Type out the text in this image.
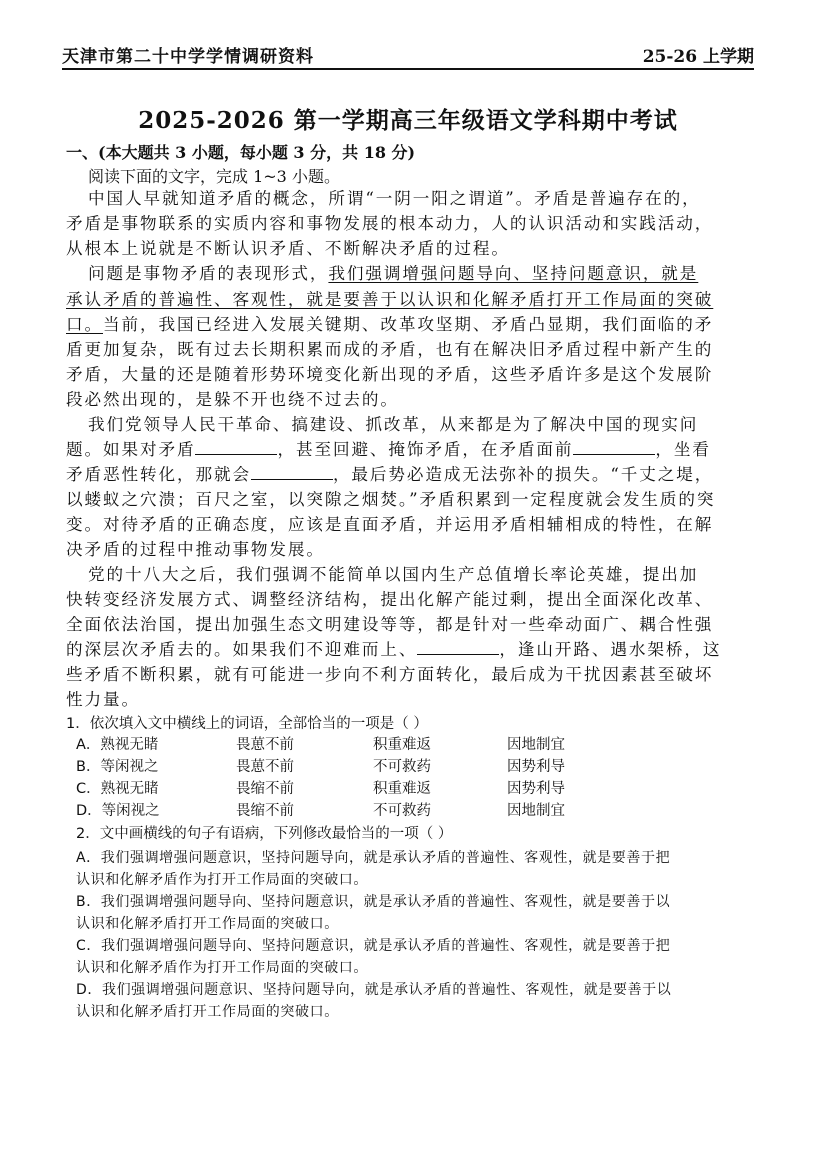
天津市第二十中学学情调研资料	25-26 上学期
2025-2026 第一学期高三年级语文学科期中考试
一、(本大题共 3 小题，每小题 3 分，共 18 分)
阅读下面的文字，完成 1~3 小题。
中国人早就知道矛盾的概念，所谓“一阴一阳之谓道”。矛盾是普遍存在的，
矛盾是事物联系的实质内容和事物发展的根本动力，人的认识活动和实践活动，
从根本上说就是不断认识矛盾、不断解决矛盾的过程。
问题是事物矛盾的表现形式，我们强调增强问题导向、坚持问题意识，就是
承认矛盾的普遍性、客观性，就是要善于以认识和化解矛盾打开工作局面的突破
口。当前，我国已经进入发展关键期、改革攻坚期、矛盾凸显期，我们面临的矛
盾更加复杂，既有过去长期积累而成的矛盾，也有在解决旧矛盾过程中新产生的
矛盾，大量的还是随着形势环境变化新出现的矛盾，这些矛盾许多是这个发展阶
段必然出现的，是躲不开也绕不过去的。
我们党领导人民干革命、搞建设、抓改革，从来都是为了解决中国的现实问
题。如果对矛盾	，甚至回避、掩饰矛盾，在矛盾面前	，坐看
矛盾恶性转化，那就会	，最后势必造成无法弥补的损失。“千丈之堤，
以蝼蚁之穴溃；百尺之室，以突隙之烟焚。”矛盾积累到一定程度就会发生质的突
变。对待矛盾的正确态度，应该是直面矛盾，并运用矛盾相辅相成的特性，在解
决矛盾的过程中推动事物发展。
党的十八大之后，我们强调不能简单以国内生产总值增长率论英雄，提出加
快转变经济发展方式、调整经济结构，提出化解产能过剩，提出全面深化改革、
全面依法治国，提出加强生态文明建设等等，都是针对一些牵动面广、耦合性强
的深层次矛盾去的。如果我们不迎难而上、	，逢山开路、遇水架桥，这
些矛盾不断积累，就有可能进一步向不利方面转化，最后成为干扰因素甚至破坏
性力量。
1．依次填入文中横线上的词语，全部恰当的一项是（ ）
A．熟视无睹	畏葸不前	积重难返	因地制宜
B．等闲视之	畏葸不前	不可救药	因势利导
C．熟视无睹	畏缩不前	积重难返	因势利导
D．等闲视之	畏缩不前	不可救药	因地制宜
2．文中画横线的句子有语病，下列修改最恰当的一项（ ）
A．我们强调增强问题意识，坚持问题导向，就是承认矛盾的普遍性、客观性，就是要善于把
认识和化解矛盾作为打开工作局面的突破口。
B．我们强调增强问题导向、坚持问题意识，就是承认矛盾的普遍性、客观性，就是要善于以
认识和化解矛盾打开工作局面的突破口。
C．我们强调增强问题导向、坚持问题意识，就是承认矛盾的普遍性、客观性，就是要善于把
认识和化解矛盾作为打开工作局面的突破口。
D．我们强调增强问题意识、坚持问题导向，就是承认矛盾的普遍性、客观性，就是要善于以
认识和化解矛盾打开工作局面的突破口。
